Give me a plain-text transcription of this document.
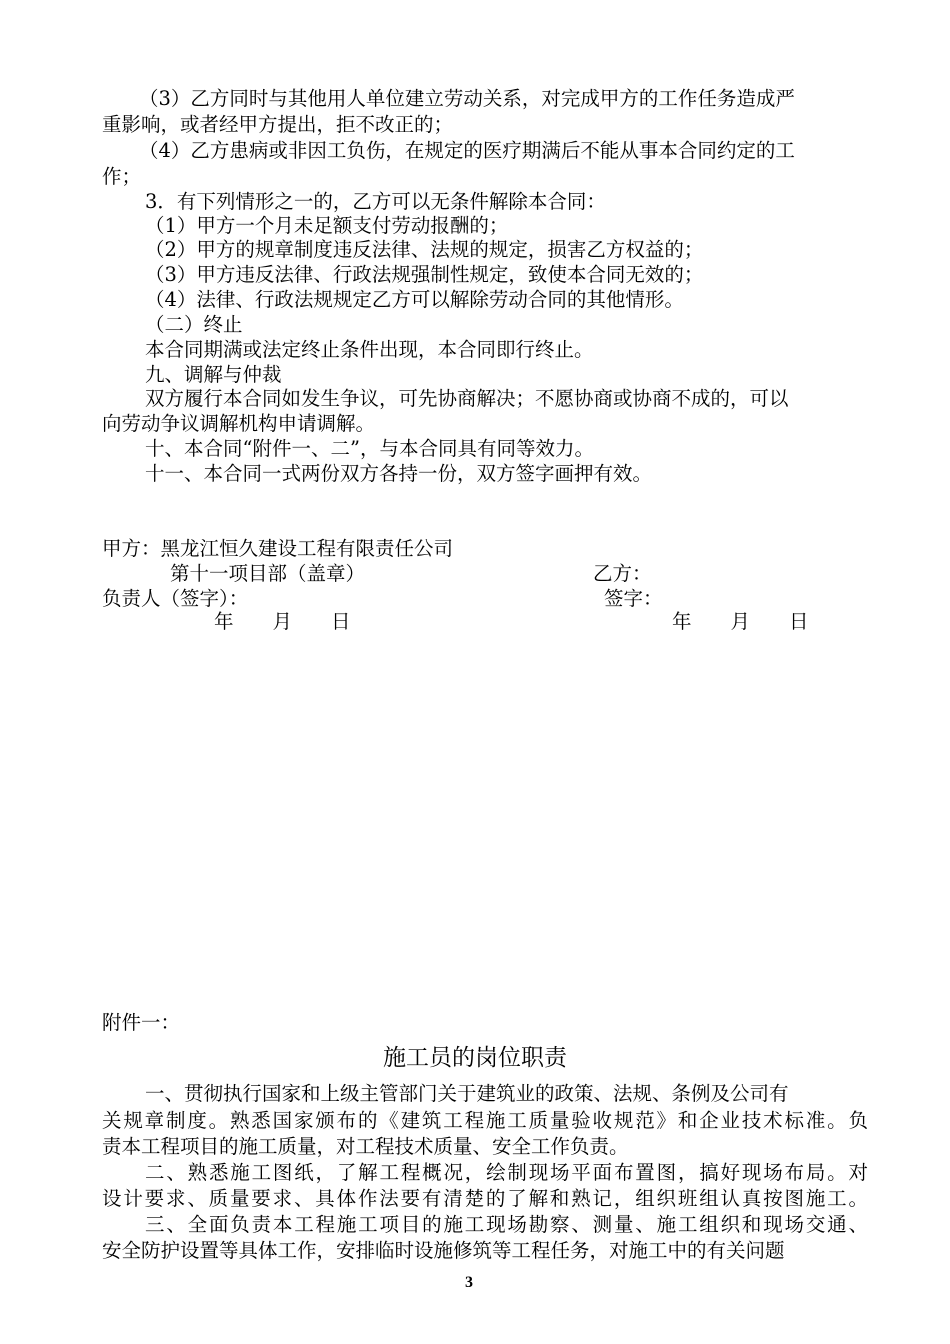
（3）乙方同时与其他用人单位建立劳动关系，对完成甲方的工作任务造成严
重影响，或者经甲方提出，拒不改正的；
（4）乙方患病或非因工负伤，在规定的医疗期满后不能从事本合同约定的工
作；
3．有下列情形之一的，乙方可以无条件解除本合同：
（1）甲方一个月未足额支付劳动报酬的；
（2）甲方的规章制度违反法律、法规的规定，损害乙方权益的；
（3）甲方违反法律、行政法规强制性规定，致使本合同无效的；
（4）法律、行政法规规定乙方可以解除劳动合同的其他情形。
（二）终止
本合同期满或法定终止条件出现，本合同即行终止。
九、调解与仲裁
双方履行本合同如发生争议，可先协商解决；不愿协商或协商不成的，可以
向劳动争议调解机构申请调解。
十、本合同“附件一、二”，与本合同具有同等效力。
十一、本合同一式两份双方各持一份，双方签字画押有效。
甲方：黑龙江恒久建设工程有限责任公司
第十一项目部（盖章）	乙方：
负责人（签字）：	签字：
年　　月　　日	年　　月　　日
附件一：
施工员的岗位职责
一、贯彻执行国家和上级主管部门关于建筑业的政策、法规、条例及公司有
关规章制度。熟悉国家颁布的《建筑工程施工质量验收规范》和企业技术标准。负
责本工程项目的施工质量，对工程技术质量、安全工作负责。
二、熟悉施工图纸，了解工程概况，绘制现场平面布置图，搞好现场布局。对
设计要求、质量要求、具体作法要有清楚的了解和熟记，组织班组认真按图施工。
三、全面负责本工程施工项目的施工现场勘察、测量、施工组织和现场交通、
安全防护设置等具体工作，安排临时设施修筑等工程任务，对施工中的有关问题
3
